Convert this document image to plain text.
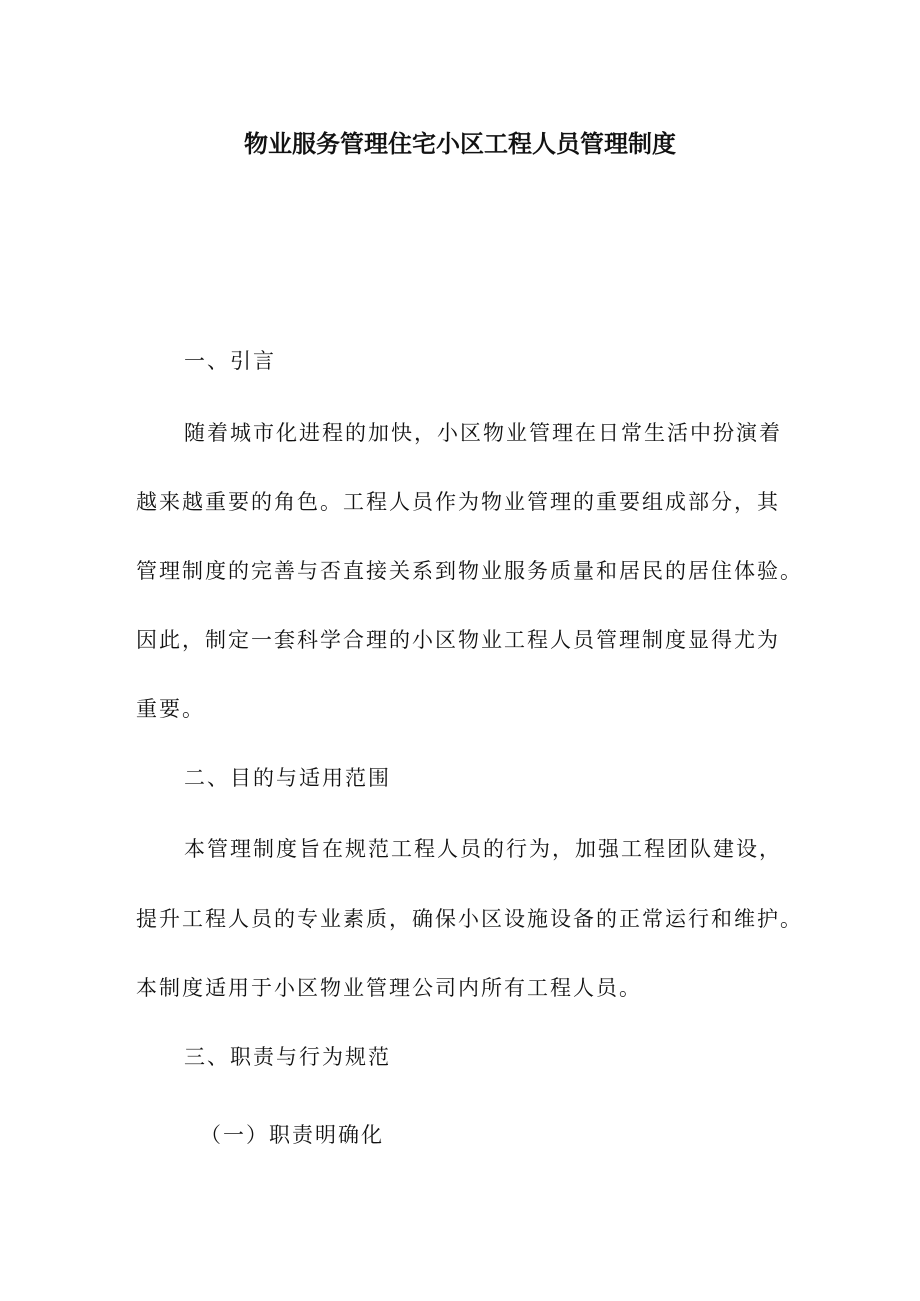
物业服务管理住宅小区工程人员管理制度

一、引言

随着城市化进程的加快，小区物业管理在日常生活中扮演着

越来越重要的角色。工程人员作为物业管理的重要组成部分，其

管理制度的完善与否直接关系到物业服务质量和居民的居住体验。

因此，制定一套科学合理的小区物业工程人员管理制度显得尤为

重要。

二、目的与适用范围

本管理制度旨在规范工程人员的行为，加强工程团队建设，

提升工程人员的专业素质，确保小区设施设备的正常运行和维护。

本制度适用于小区物业管理公司内所有工程人员。

三、职责与行为规范

（一）职责明确化
